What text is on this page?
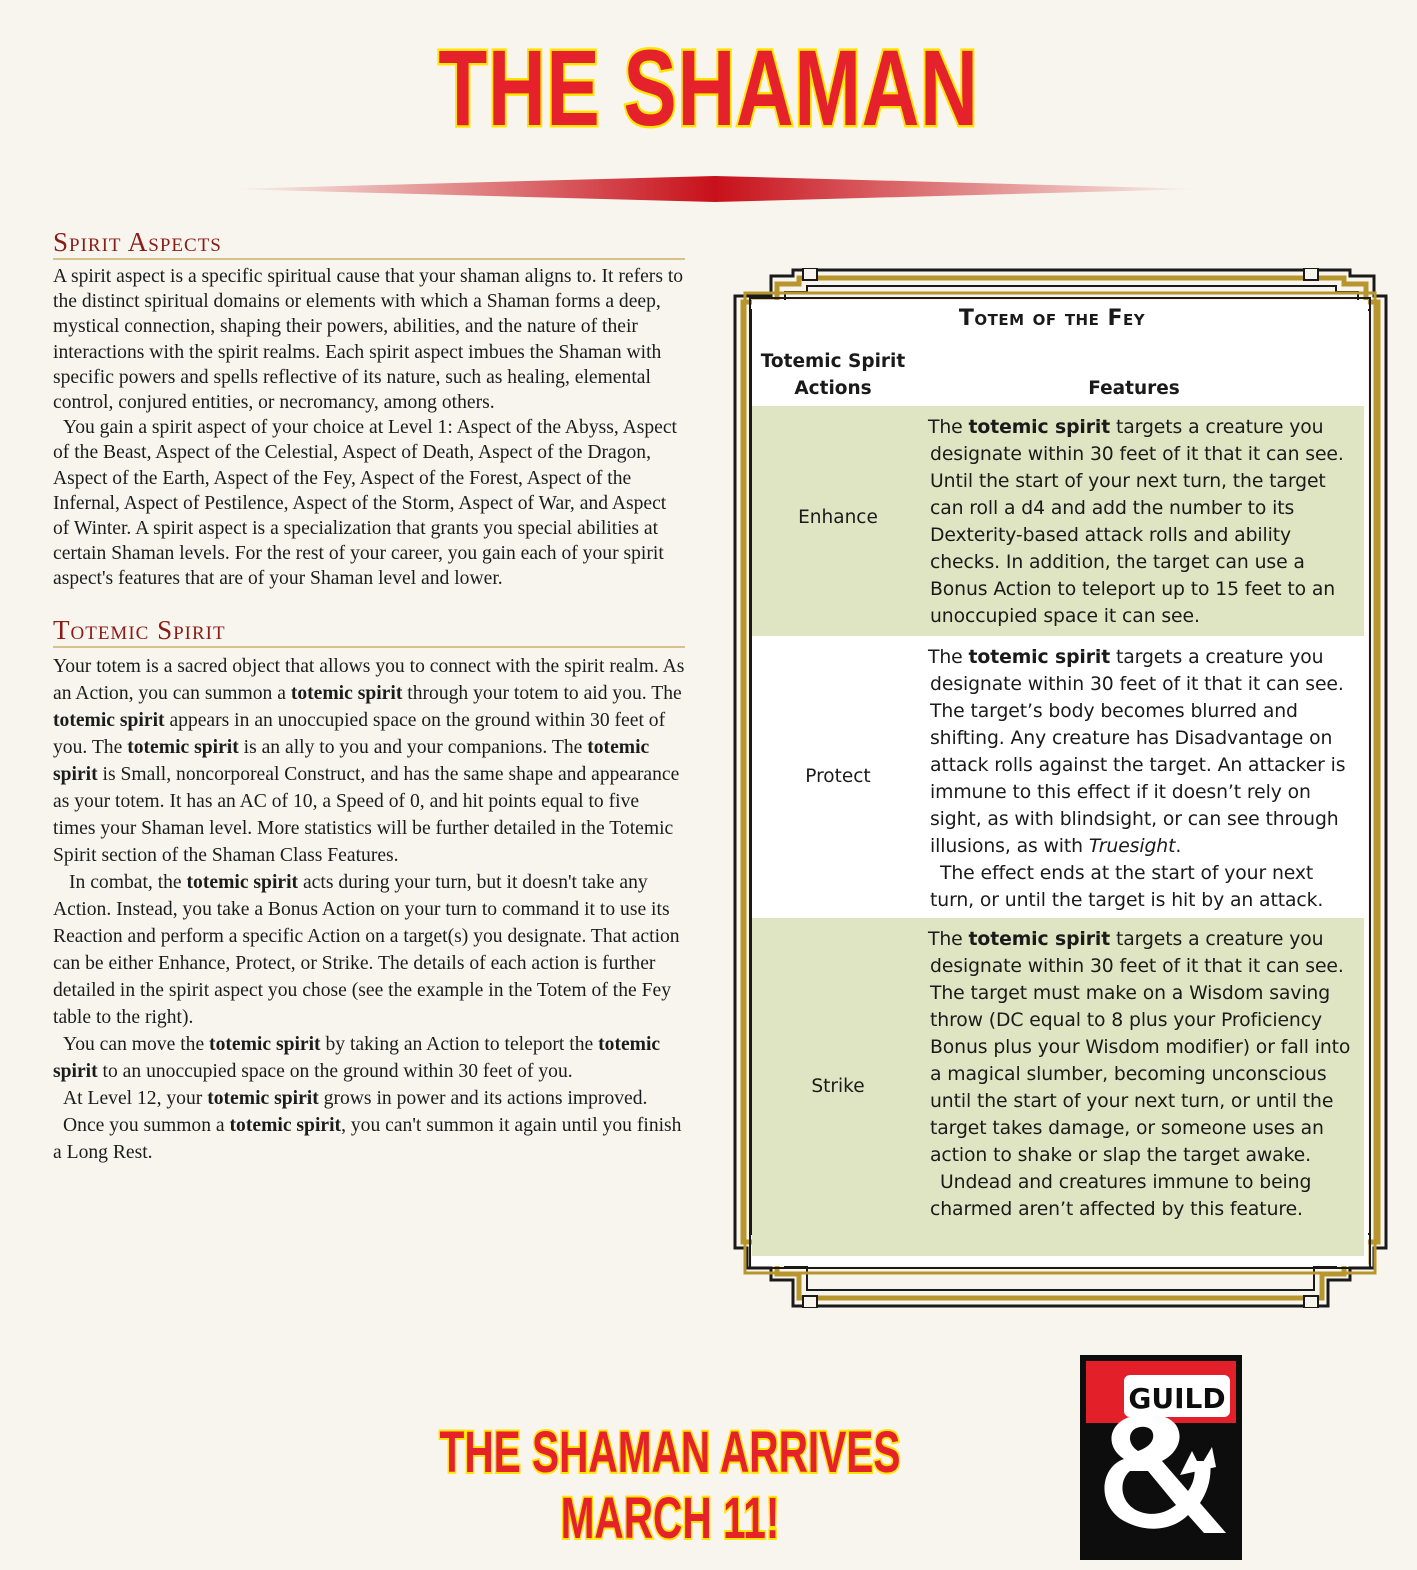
THE SHAMAN
Spirit Aspects

A spirit aspect is a specific spiritual cause that your shaman aligns to. It refers to the distinct spiritual domains or elements with which a Shaman forms a deep, mystical connection, shaping their powers, abilities, and the nature of their interactions with the spirit realms. Each spirit aspect imbues the Shaman with specific powers and spells reflective of its nature, such as healing, elemental control, conjured entities, or necromancy, among others.

You gain a spirit aspect of your choice at Level 1: Aspect of the Abyss, Aspect of the Beast, Aspect of the Celestial, Aspect of Death, Aspect of the Dragon, Aspect of the Earth, Aspect of the Fey, Aspect of the Forest, Aspect of the Infernal, Aspect of Pestilence, Aspect of the Storm, Aspect of War, and Aspect of Winter. A spirit aspect is a specialization that grants you special abilities at certain Shaman levels. For the rest of your career, you gain each of your spirit aspect's features that are of your Shaman level and lower.

Totemic Spirit

Your totem is a sacred object that allows you to connect with the spirit realm. As an Action, you can summon a totemic spirit through your totem to aid you. The totemic spirit appears in an unoccupied space on the ground within 30 feet of you. The totemic spirit is an ally to you and your companions. The totemic spirit is Small, noncorporeal Construct, and has the same shape and appearance as your totem. It has an AC of 10, a Speed of 0, and hit points equal to five times your Shaman level. More statistics will be further detailed in the Totemic Spirit section of the Shaman Class Features.

In combat, the totemic spirit acts during your turn, but it doesn't take any Action. Instead, you take a Bonus Action on your turn to command it to use its Reaction and perform a specific Action on a target(s) you designate. That action can be either Enhance, Protect, or Strike. The details of each action is further detailed in the spirit aspect you chose (see the example in the Totem of the Fey table to the right).

You can move the totemic spirit by taking an Action to teleport the totemic spirit to an unoccupied space on the ground within 30 feet of you.

At Level 12, your totemic spirit grows in power and its actions improved.

Once you summon a totemic spirit, you can't summon it again until you finish a Long Rest.

Totem of the Fey
Totemic Spirit
Actions	Features
Enhance

The totemic spirit targets a creature you designate within 30 feet of it that it can see. Until the start of your next turn, the target can roll a d4 and add the number to its Dexterity-based attack rolls and ability checks. In addition, the target can use a Bonus Action to teleport up to 15 feet to an unoccupied space it can see.

Protect

The totemic spirit targets a creature you designate within 30 feet of it that it can see. The target’s body becomes blurred and shifting. Any creature has Disadvantage on attack rolls against the target. An attacker is immune to this effect if it doesn’t rely on sight, as with blindsight, or can see through illusions, as with Truesight.

The effect ends at the start of your next turn, or until the target is hit by an attack.

Strike

The totemic spirit targets a creature you designate within 30 feet of it that it can see. The target must make on a Wisdom saving throw (DC equal to 8 plus your Proficiency Bonus plus your Wisdom modifier) or fall into a magical slumber, becoming unconscious until the start of your next turn, or until the target takes damage, or someone uses an action to shake or slap the target awake.

Undead and creatures immune to being charmed aren’t affected by this feature.

THE SHAMAN ARRIVES MARCH 11!
GUILD
